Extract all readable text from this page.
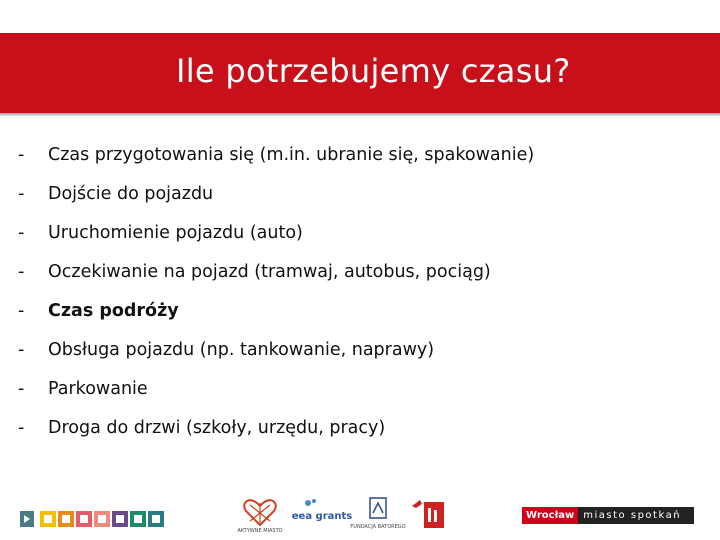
Ile potrzebujemy czasu?
- Czas przygotowania się (m.in. ubranie się, spakowanie)
- Dojście do pojazdu
- Uruchomienie pojazdu (auto)
- Oczekiwanie na pojazd (tramwaj, autobus, pociąg)
- Czas podróży
- Obsługa pojazdu (np. tankowanie, naprawy)
- Parkowanie
- Droga do drzwi (szkoły, urzędu, pracy)
AKTYWNE MIASTO
eea grants
FUNDACJA BATOREGO
Wrocław miasto spotkań
